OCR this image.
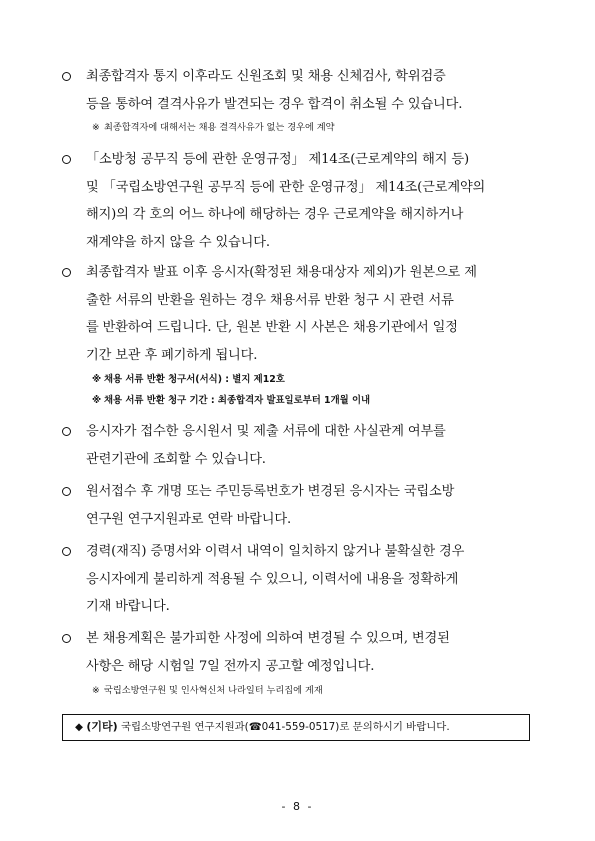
최종합격자 통지 이후라도 신원조회 및 채용 신체검사, 학위검증
등을 통하여 결격사유가 발견되는 경우 합격이 취소될 수 있습니다.
※ 최종합격자에 대해서는 채용 결격사유가 없는 경우에 계약
「소방청 공무직 등에 관한 운영규정」 제14조(근로계약의 해지 등)
및 「국립소방연구원 공무직 등에 관한 운영규정」 제14조(근로계약의
해지)의 각 호의 어느 하나에 해당하는 경우 근로계약을 해지하거나
재계약을 하지 않을 수 있습니다.
최종합격자 발표 이후 응시자(확정된 채용대상자 제외)가 원본으로 제
출한 서류의 반환을 원하는 경우 채용서류 반환 청구 시 관련 서류
를 반환하여 드립니다. 단, 원본 반환 시 사본은 채용기관에서 일정
기간 보관 후 폐기하게 됩니다.
※ 채용 서류 반환 청구서(서식) : 별지 제12호
※ 채용 서류 반환 청구 기간 : 최종합격자 발표일로부터 1개월 이내
응시자가 접수한 응시원서 및 제출 서류에 대한 사실관계 여부를
관련기관에 조회할 수 있습니다.
원서접수 후 개명 또는 주민등록번호가 변경된 응시자는 국립소방
연구원 연구지원과로 연락 바랍니다.
경력(재직) 증명서와 이력서 내역이 일치하지 않거나 불확실한 경우
응시자에게 불리하게 적용될 수 있으니, 이력서에 내용을 정확하게
기재 바랍니다.
본 채용계획은 불가피한 사정에 의하여 변경될 수 있으며, 변경된
사항은 해당 시험일 7일 전까지 공고할 예정입니다.
※ 국립소방연구원 및 인사혁신처 나라일터 누리집에 게재
◆ (기타) 국립소방연구원 연구지원과(☎041-559-0517)로 문의하시기 바랍니다.
- 8 -
